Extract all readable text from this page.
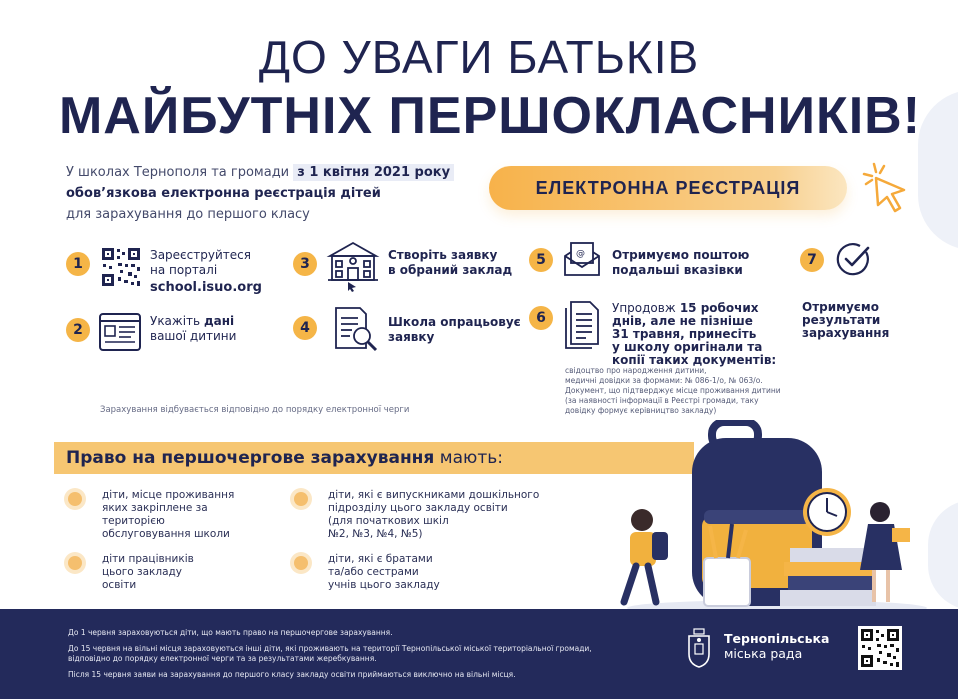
ДО УВАГИ БАТЬКІВ
МАЙБУТНІХ ПЕРШОКЛАСНИКІВ!
У школах Тернополя та громади з 1 квітня 2021 року
обов’язкова електронна реєстрація дітей
для зарахування до першого класу
ЕЛЕКТРОННА РЕЄСТРАЦІЯ
1
Зареєструйтеся
на порталі
school.isuo.org
2
Укажіть дані
вашої дитини
3
Створіть заявку
в обраний заклад
4	Школа опрацьовує
заявку
5	@ Отримуємо поштою
подальші вказівки
6
Упродовж 15 робочих
днів, але не пізніше
31 травня, принесіть
у школу оригінали та
копії таких документів:
свідоцтво про народження дитини,
медичні довідки за формами: № 086-1/о, № 063/о.
Документ, що підтверджує місце проживання дитини
(за наявності інформації в Реєстрі громади, таку
довідку формує керівництво закладу)
7
Отримуємо
результати
зарахування
Зарахування відбувається відповідно до порядку електронної черги
Право на першочергове зарахування мають:
діти, місце проживання
яких закріплене за
територією
обслуговування школи
діти працівників
цього закладу
освіти
діти, які є випускниками дошкільного
підрозділу цього закладу освіти
(для початкових шкіл
№2, №3, №4, №5)
діти, які є братами
та/або сестрами
учнів цього закладу
До 1 червня зараховуються діти, що мають право на першочергове зарахування.
До 15 червня на вільні місця зараховуються інші діти, які проживають на території Тернопільської міської територіальної громади,
відповідно до порядку електронної черги та за результатами жеребкування.
Після 15 червня заяви на зарахування до першого класу закладу освіти приймаються виключно на вільні місця.
Тернопільська
міська рада
